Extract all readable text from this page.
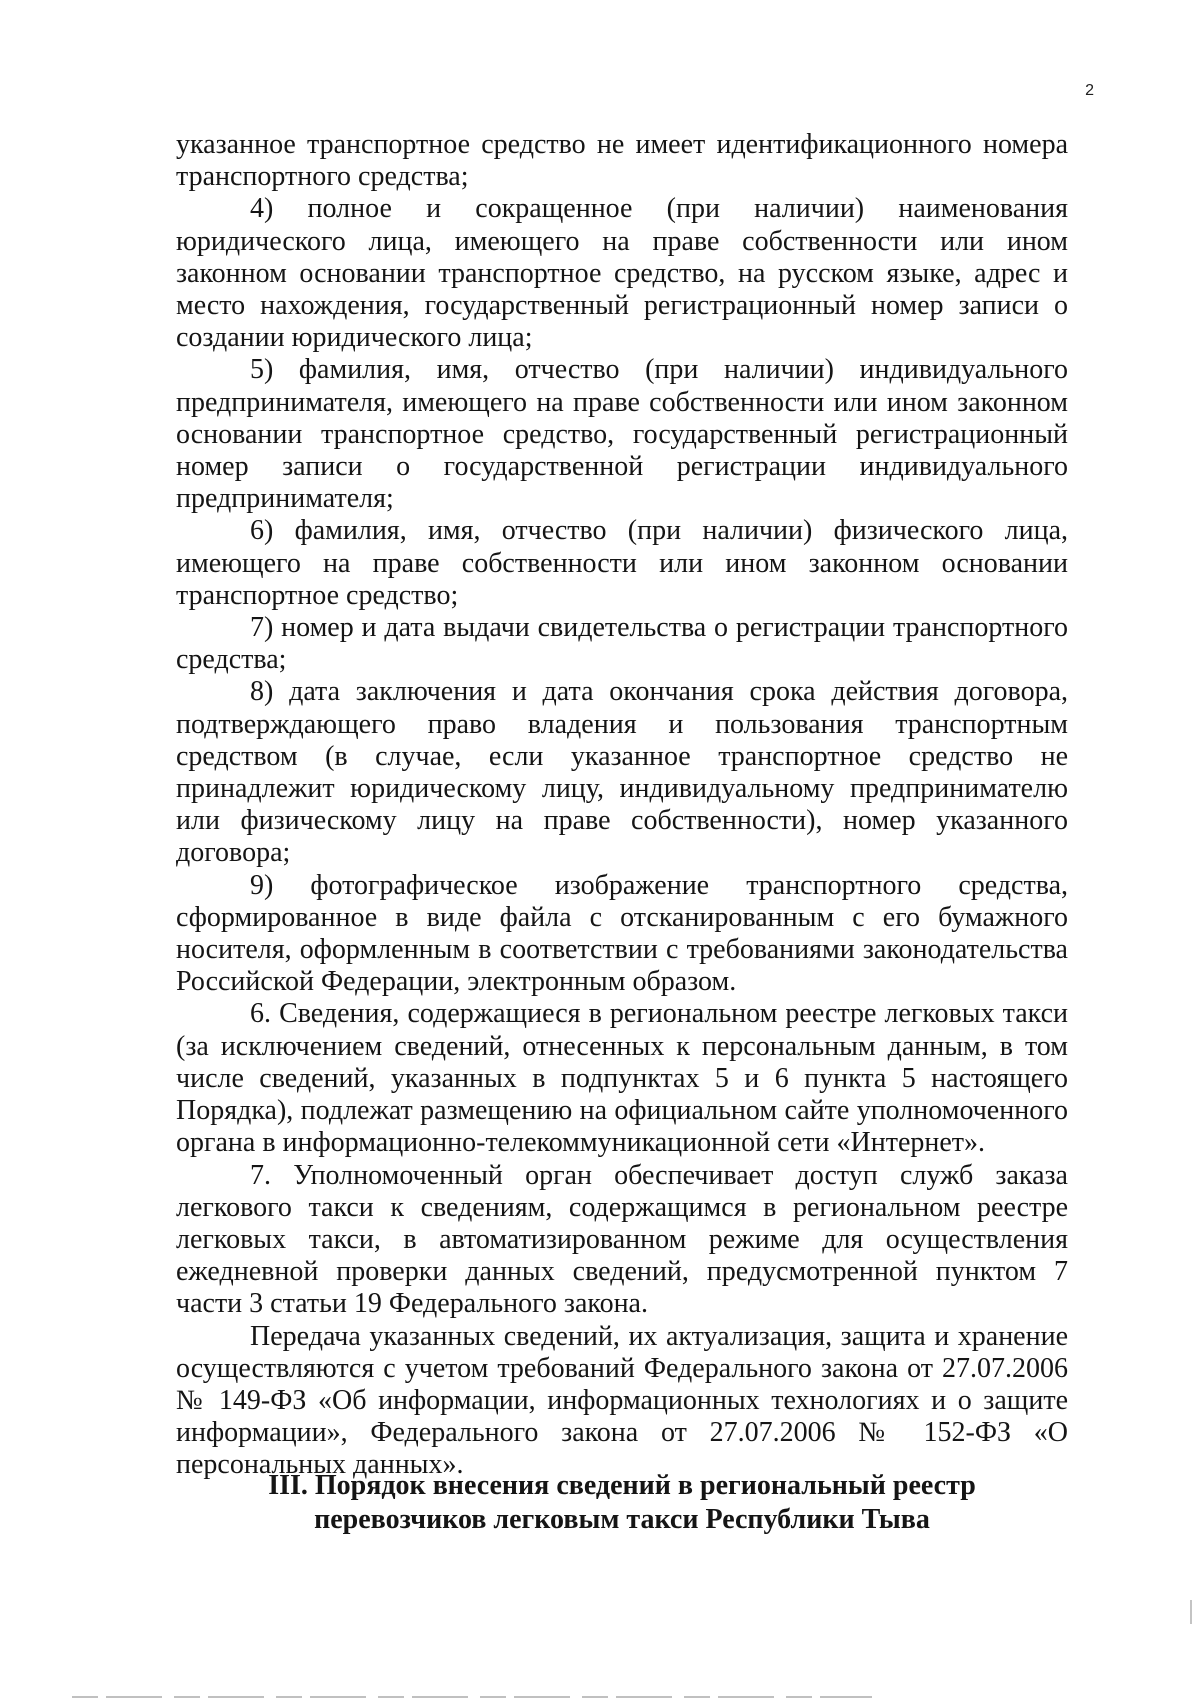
2

указанное транспортное средство не имеет идентификационного номера транспортного средства;

4) полное и сокращенное (при наличии) наименования юридического лица, имеющего на праве собственности или ином законном основании транспортное средство, на русском языке, адрес и место нахождения, государственный регистрационный номер записи о создании юридического лица;

5) фамилия, имя, отчество (при наличии) индивидуального предпринимателя, имеющего на праве собственности или ином законном основании транспортное средство, государственный регистрационный номер записи о государственной регистрации индивидуального предпринимателя;

6) фамилия, имя, отчество (при наличии) физического лица, имеющего на праве собственности или ином законном основании транспортное средство;

7) номер и дата выдачи свидетельства о регистрации транспортного средства;

8) дата заключения и дата окончания срока действия договора, подтверждающего право владения и пользования транспортным средством (в случае, если указанное транспортное средство не принадлежит юридическому лицу, индивидуальному предпринимателю или физическому лицу на праве собственности), номер указанного договора;

9) фотографическое изображение транспортного средства, сформированное в виде файла с отсканированным с его бумажного носителя, оформленным в соответствии с требованиями законодательства Российской Федерации, электронным образом.

6. Сведения, содержащиеся в региональном реестре легковых такси (за исключением сведений, отнесенных к персональным данным, в том числе сведений, указанных в подпунктах 5 и 6 пункта 5 настоящего Порядка), подлежат размещению на официальном сайте уполномоченного органа в информационно-телекоммуникационной сети «Интернет».

7. Уполномоченный орган обеспечивает доступ служб заказа легкового такси к сведениям, содержащимся в региональном реестре легковых такси, в автоматизированном режиме для осуществления ежедневной проверки данных сведений, предусмотренной пунктом 7 части 3 статьи 19 Федерального закона.

Передача указанных сведений, их актуализация, защита и хранение осуществляются с учетом требований Федерального закона от 27.07.2006 № 149-ФЗ «Об информации, информационных технологиях и о защите информации», Федерального закона от 27.07.2006 № 152-ФЗ «О персональных данных».

III. Порядок внесения сведений в региональный реестр
перевозчиков легковым такси Республики Тыва
